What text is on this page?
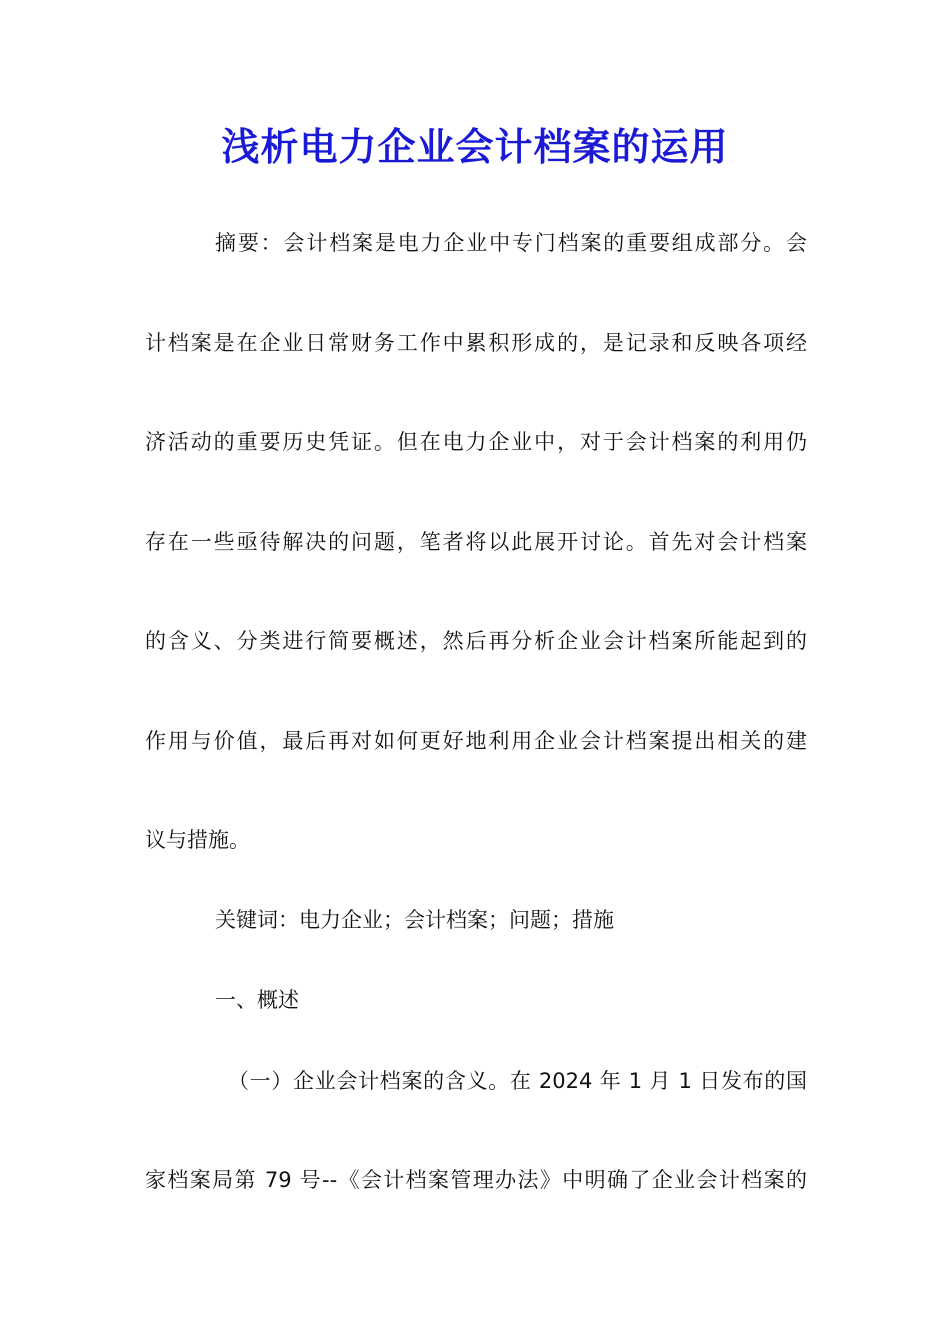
浅析电力企业会计档案的运用
摘要：会计档案是电力企业中专门档案的重要组成部分。会
计档案是在企业日常财务工作中累积形成的，是记录和反映各项经
济活动的重要历史凭证。但在电力企业中，对于会计档案的利用仍
存在一些亟待解决的问题，笔者将以此展开讨论。首先对会计档案
的含义、分类进行简要概述，然后再分析企业会计档案所能起到的
作用与价值，最后再对如何更好地利用企业会计档案提出相关的建
议与措施。
关键词：电力企业；会计档案；问题；措施
一、概述
（一）企业会计档案的含义。在 2024 年 1 月 1 日发布的国
家档案局第 79 号--《会计档案管理办法》中明确了企业会计档案的
